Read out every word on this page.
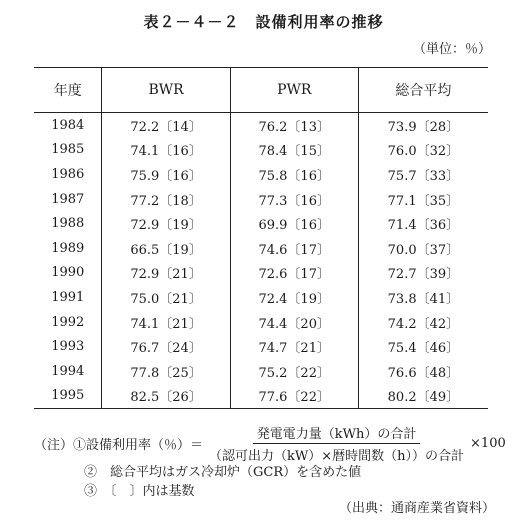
表２－４－２　設備利用率の推移
（単位：％）
年度	BWR	PWR	総合平均
1984	72.2〔14〕	76.2〔13〕	73.9〔28〕
1985	74.1〔16〕	78.4〔15〕	76.0〔32〕
1986	75.9〔16〕	75.8〔16〕	75.7〔33〕
1987	77.2〔18〕	77.3〔16〕	77.1〔35〕
1988	72.9〔19〕	69.9〔16〕	71.4〔36〕
1989	66.5〔19〕	74.6〔17〕	70.0〔37〕
1990	72.9〔21〕	72.6〔17〕	72.7〔39〕
1991	75.0〔21〕	72.4〔19〕	73.8〔41〕
1992	74.1〔21〕	74.4〔20〕	74.2〔42〕
1993	76.7〔24〕	74.7〔21〕	75.4〔46〕
1994	77.8〔25〕	75.2〔22〕	76.6〔48〕
1995	82.5〔26〕	77.6〔22〕	80.2〔49〕
（注）①設備利用率（％）＝ $\frac{\text{発電電力量（kWh）の合計}}{\text{（認可出力（kW）×暦時間数（h））の合計}} \times 100$
②　総合平均はガス冷却炉（GCR）を含めた値
③　〔　〕内は基数
（出典：通商産業省資料）
